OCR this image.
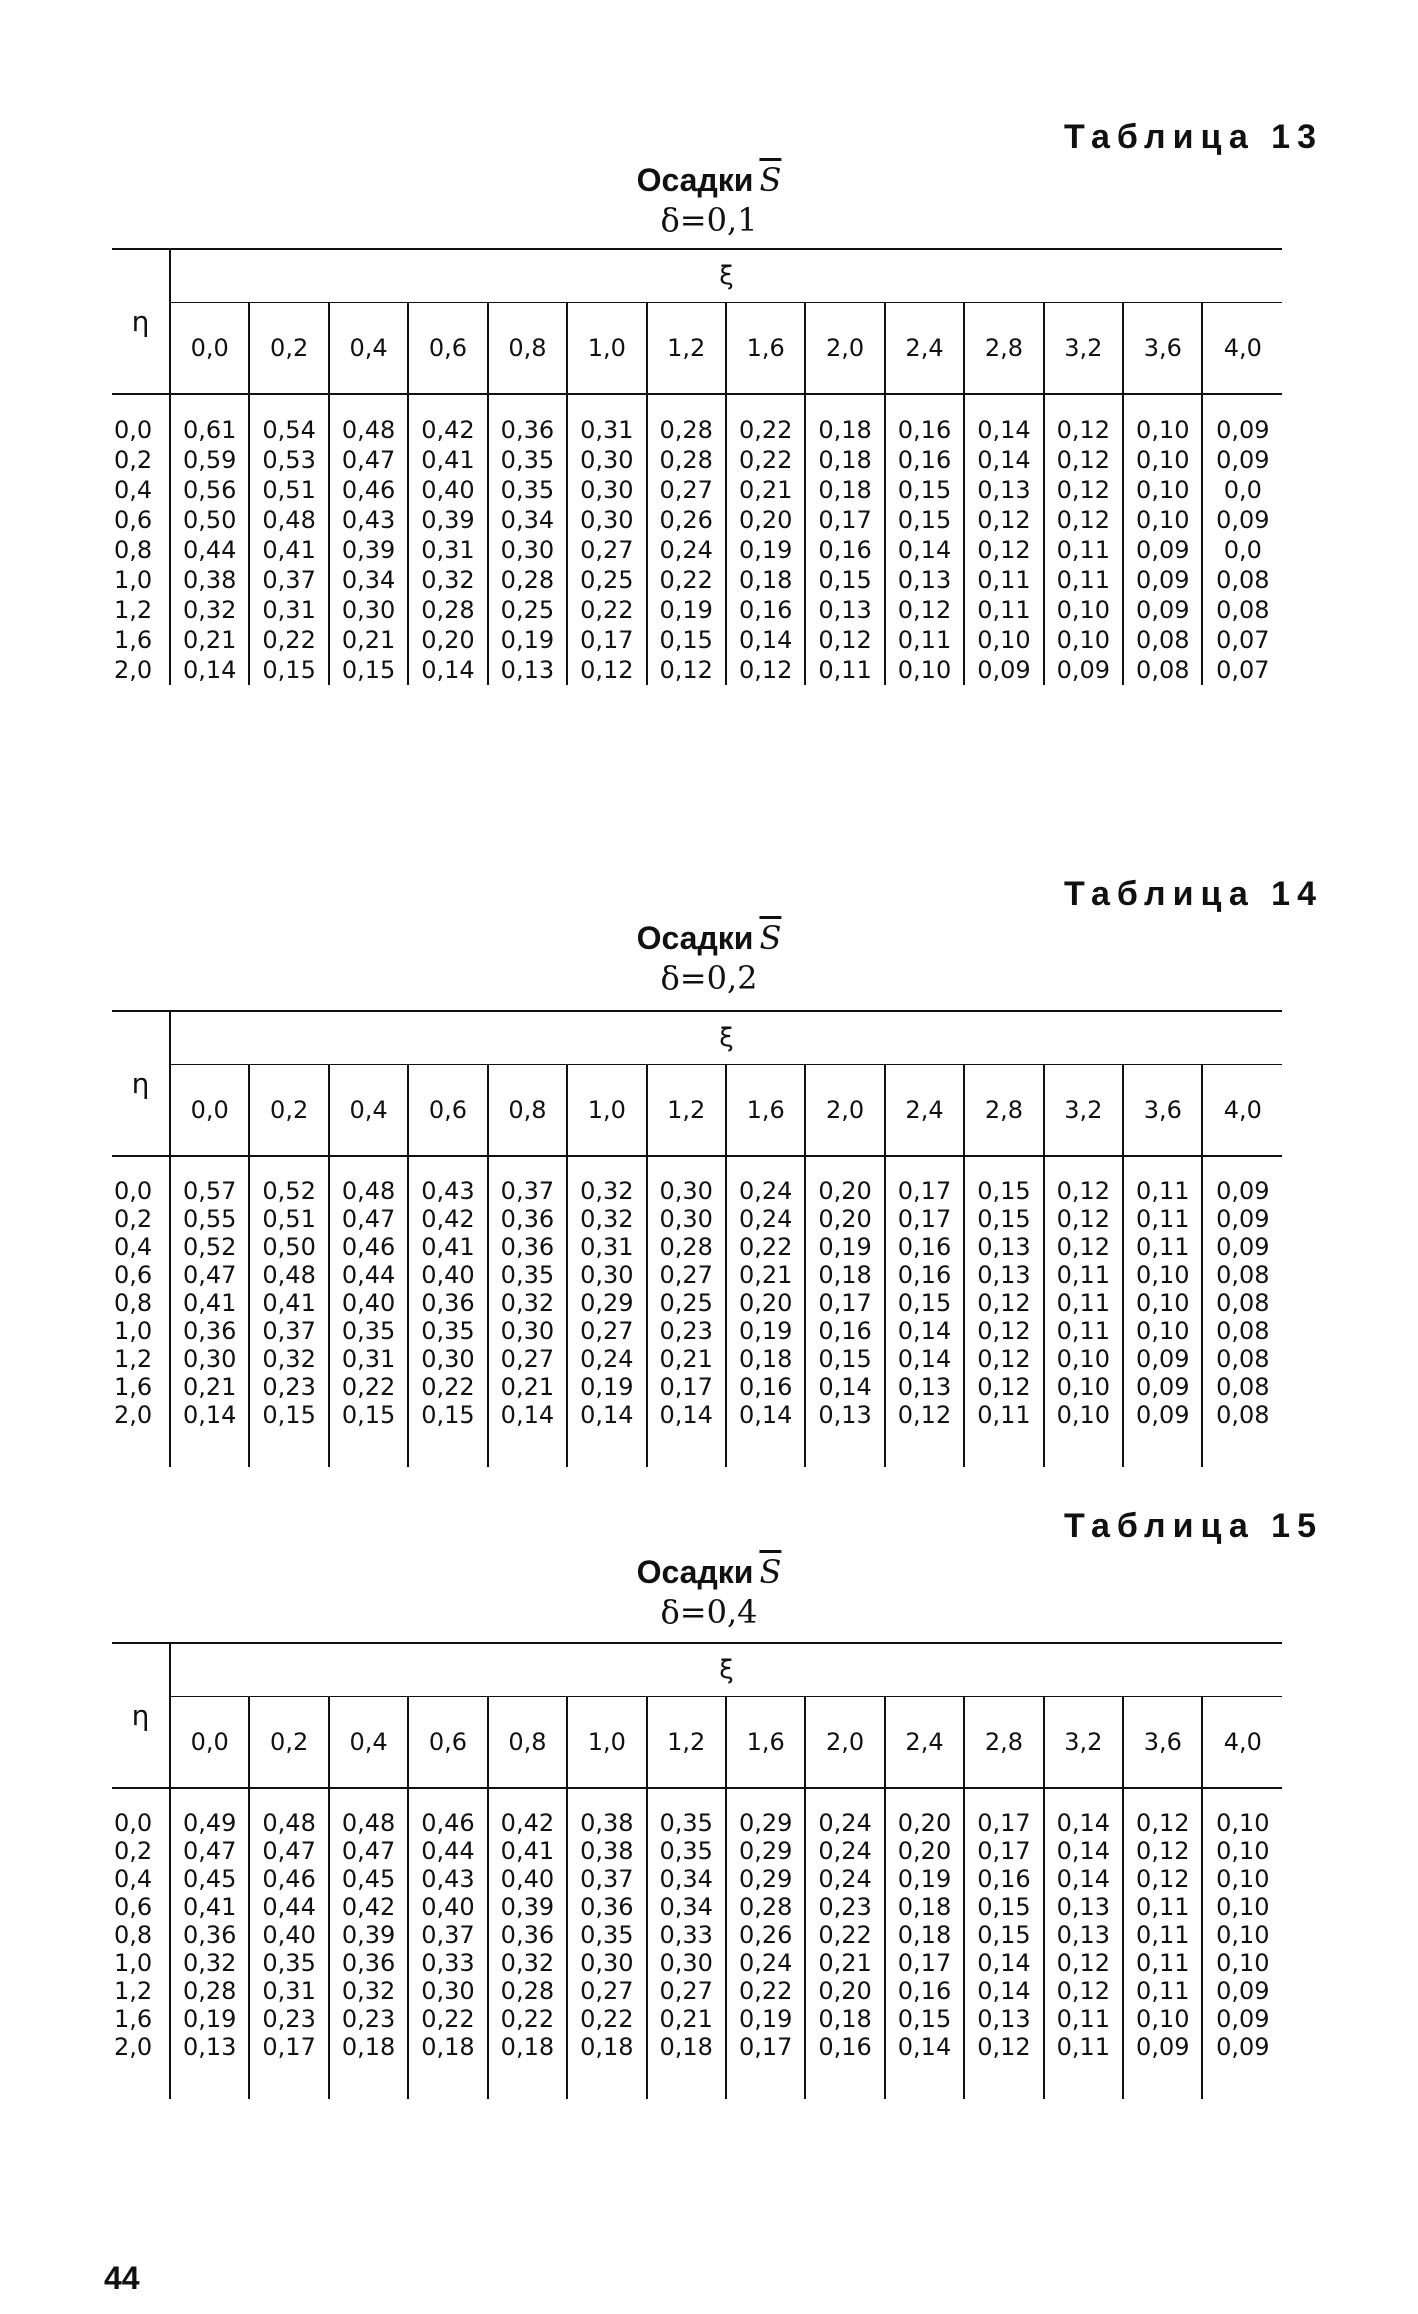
Таблица 13
Осадки $\overline{S}$
δ=0,1
η	ξ													
	0,0	0,2	0,4	0,6	0,8	1,0	1,2	1,6	2,0	2,4	2,8	3,2	3,6	4,0

0,0	0,61	0,54	0,48	0,42	0,36	0,31	0,28	0,22	0,18	0,16	0,14	0,12	0,10	0,09
0,2	0,59	0,53	0,47	0,41	0,35	0,30	0,28	0,22	0,18	0,16	0,14	0,12	0,10	0,09
0,4	0,56	0,51	0,46	0,40	0,35	0,30	0,27	0,21	0,18	0,15	0,13	0,12	0,10	0,0
0,6	0,50	0,48	0,43	0,39	0,34	0,30	0,26	0,20	0,17	0,15	0,12	0,12	0,10	0,09
0,8	0,44	0,41	0,39	0,31	0,30	0,27	0,24	0,19	0,16	0,14	0,12	0,11	0,09	0,0
1,0	0,38	0,37	0,34	0,32	0,28	0,25	0,22	0,18	0,15	0,13	0,11	0,11	0,09	0,08
1,2	0,32	0,31	0,30	0,28	0,25	0,22	0,19	0,16	0,13	0,12	0,11	0,10	0,09	0,08
1,6	0,21	0,22	0,21	0,20	0,19	0,17	0,15	0,14	0,12	0,11	0,10	0,10	0,08	0,07
2,0	0,14	0,15	0,15	0,14	0,13	0,12	0,12	0,12	0,11	0,10	0,09	0,09	0,08	0,07
Таблица 14
Осадки $\overline{S}$
δ=0,2
η	ξ													
	0,0	0,2	0,4	0,6	0,8	1,0	1,2	1,6	2,0	2,4	2,8	3,2	3,6	4,0

0,0	0,57	0,52	0,48	0,43	0,37	0,32	0,30	0,24	0,20	0,17	0,15	0,12	0,11	0,09
0,2	0,55	0,51	0,47	0,42	0,36	0,32	0,30	0,24	0,20	0,17	0,15	0,12	0,11	0,09
0,4	0,52	0,50	0,46	0,41	0,36	0,31	0,28	0,22	0,19	0,16	0,13	0,12	0,11	0,09
0,6	0,47	0,48	0,44	0,40	0,35	0,30	0,27	0,21	0,18	0,16	0,13	0,11	0,10	0,08
0,8	0,41	0,41	0,40	0,36	0,32	0,29	0,25	0,20	0,17	0,15	0,12	0,11	0,10	0,08
1,0	0,36	0,37	0,35	0,35	0,30	0,27	0,23	0,19	0,16	0,14	0,12	0,11	0,10	0,08
1,2	0,30	0,32	0,31	0,30	0,27	0,24	0,21	0,18	0,15	0,14	0,12	0,10	0,09	0,08
1,6	0,21	0,23	0,22	0,22	0,21	0,19	0,17	0,16	0,14	0,13	0,12	0,10	0,09	0,08
2,0	0,14	0,15	0,15	0,15	0,14	0,14	0,14	0,14	0,13	0,12	0,11	0,10	0,09	0,08

Таблица 15
Осадки $\overline{S}$
δ=0,4
η	ξ													
	0,0	0,2	0,4	0,6	0,8	1,0	1,2	1,6	2,0	2,4	2,8	3,2	3,6	4,0

0,0	0,49	0,48	0,48	0,46	0,42	0,38	0,35	0,29	0,24	0,20	0,17	0,14	0,12	0,10
0,2	0,47	0,47	0,47	0,44	0,41	0,38	0,35	0,29	0,24	0,20	0,17	0,14	0,12	0,10
0,4	0,45	0,46	0,45	0,43	0,40	0,37	0,34	0,29	0,24	0,19	0,16	0,14	0,12	0,10
0,6	0,41	0,44	0,42	0,40	0,39	0,36	0,34	0,28	0,23	0,18	0,15	0,13	0,11	0,10
0,8	0,36	0,40	0,39	0,37	0,36	0,35	0,33	0,26	0,22	0,18	0,15	0,13	0,11	0,10
1,0	0,32	0,35	0,36	0,33	0,32	0,30	0,30	0,24	0,21	0,17	0,14	0,12	0,11	0,10
1,2	0,28	0,31	0,32	0,30	0,28	0,27	0,27	0,22	0,20	0,16	0,14	0,12	0,11	0,09
1,6	0,19	0,23	0,23	0,22	0,22	0,22	0,21	0,19	0,18	0,15	0,13	0,11	0,10	0,09
2,0	0,13	0,17	0,18	0,18	0,18	0,18	0,18	0,17	0,16	0,14	0,12	0,11	0,09	0,09

44
